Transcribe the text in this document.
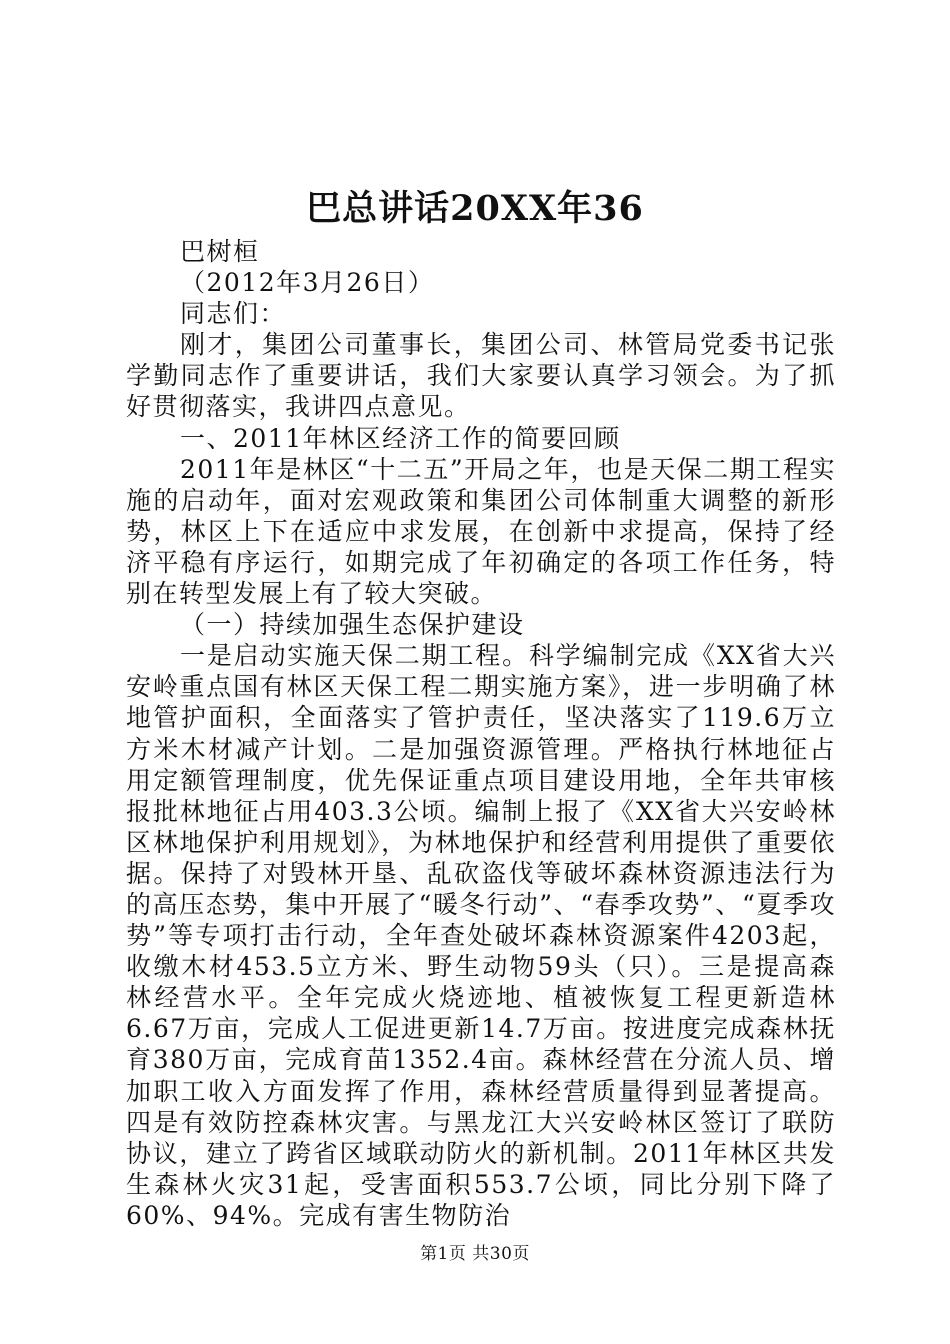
巴总讲话20XX年36

巴树桓

（2012年3月26日）

同志们：

刚才，集团公司董事长，集团公司、林管局党委书记张学勤同志作了重要讲话，我们大家要认真学习领会。为了抓好贯彻落实，我讲四点意见。

一、2011年林区经济工作的简要回顾

2011年是林区“十二五”开局之年，也是天保二期工程实施的启动年，面对宏观政策和集团公司体制重大调整的新形势，林区上下在适应中求发展，在创新中求提高，保持了经济平稳有序运行，如期完成了年初确定的各项工作任务，特别在转型发展上有了较大突破。

（一）持续加强生态保护建设

一是启动实施天保二期工程。科学编制完成《XX省大兴安岭重点国有林区天保工程二期实施方案》，进一步明确了林地管护面积，全面落实了管护责任，坚决落实了119.6万立方米木材减产计划。二是加强资源管理。严格执行林地征占用定额管理制度，优先保证重点项目建设用地，全年共审核报批林地征占用403.3公顷。编制上报了《XX省大兴安岭林区林地保护利用规划》，为林地保护和经营利用提供了重要依据。保持了对毁林开垦、乱砍盗伐等破坏森林资源违法行为的高压态势，集中开展了“暖冬行动”、“春季攻势”、“夏季攻势”等专项打击行动，全年查处破坏森林资源案件4203起，收缴木材453.5立方米、野生动物59头（只）。三是提高森林经营水平。全年完成火烧迹地、植被恢复工程更新造林6.67万亩，完成人工促进更新14.7万亩。按进度完成森林抚育380万亩，完成育苗1352.4亩。森林经营在分流人员、增加职工收入方面发挥了作用，森林经营质量得到显著提高。四是有效防控森林灾害。与黑龙江大兴安岭林区签订了联防协议，建立了跨省区域联动防火的新机制。2011年林区共发生森林火灾31起，受害面积553.7公顷，同比分别下降了60%、94%。完成有害生物防治

第1页 共30页
